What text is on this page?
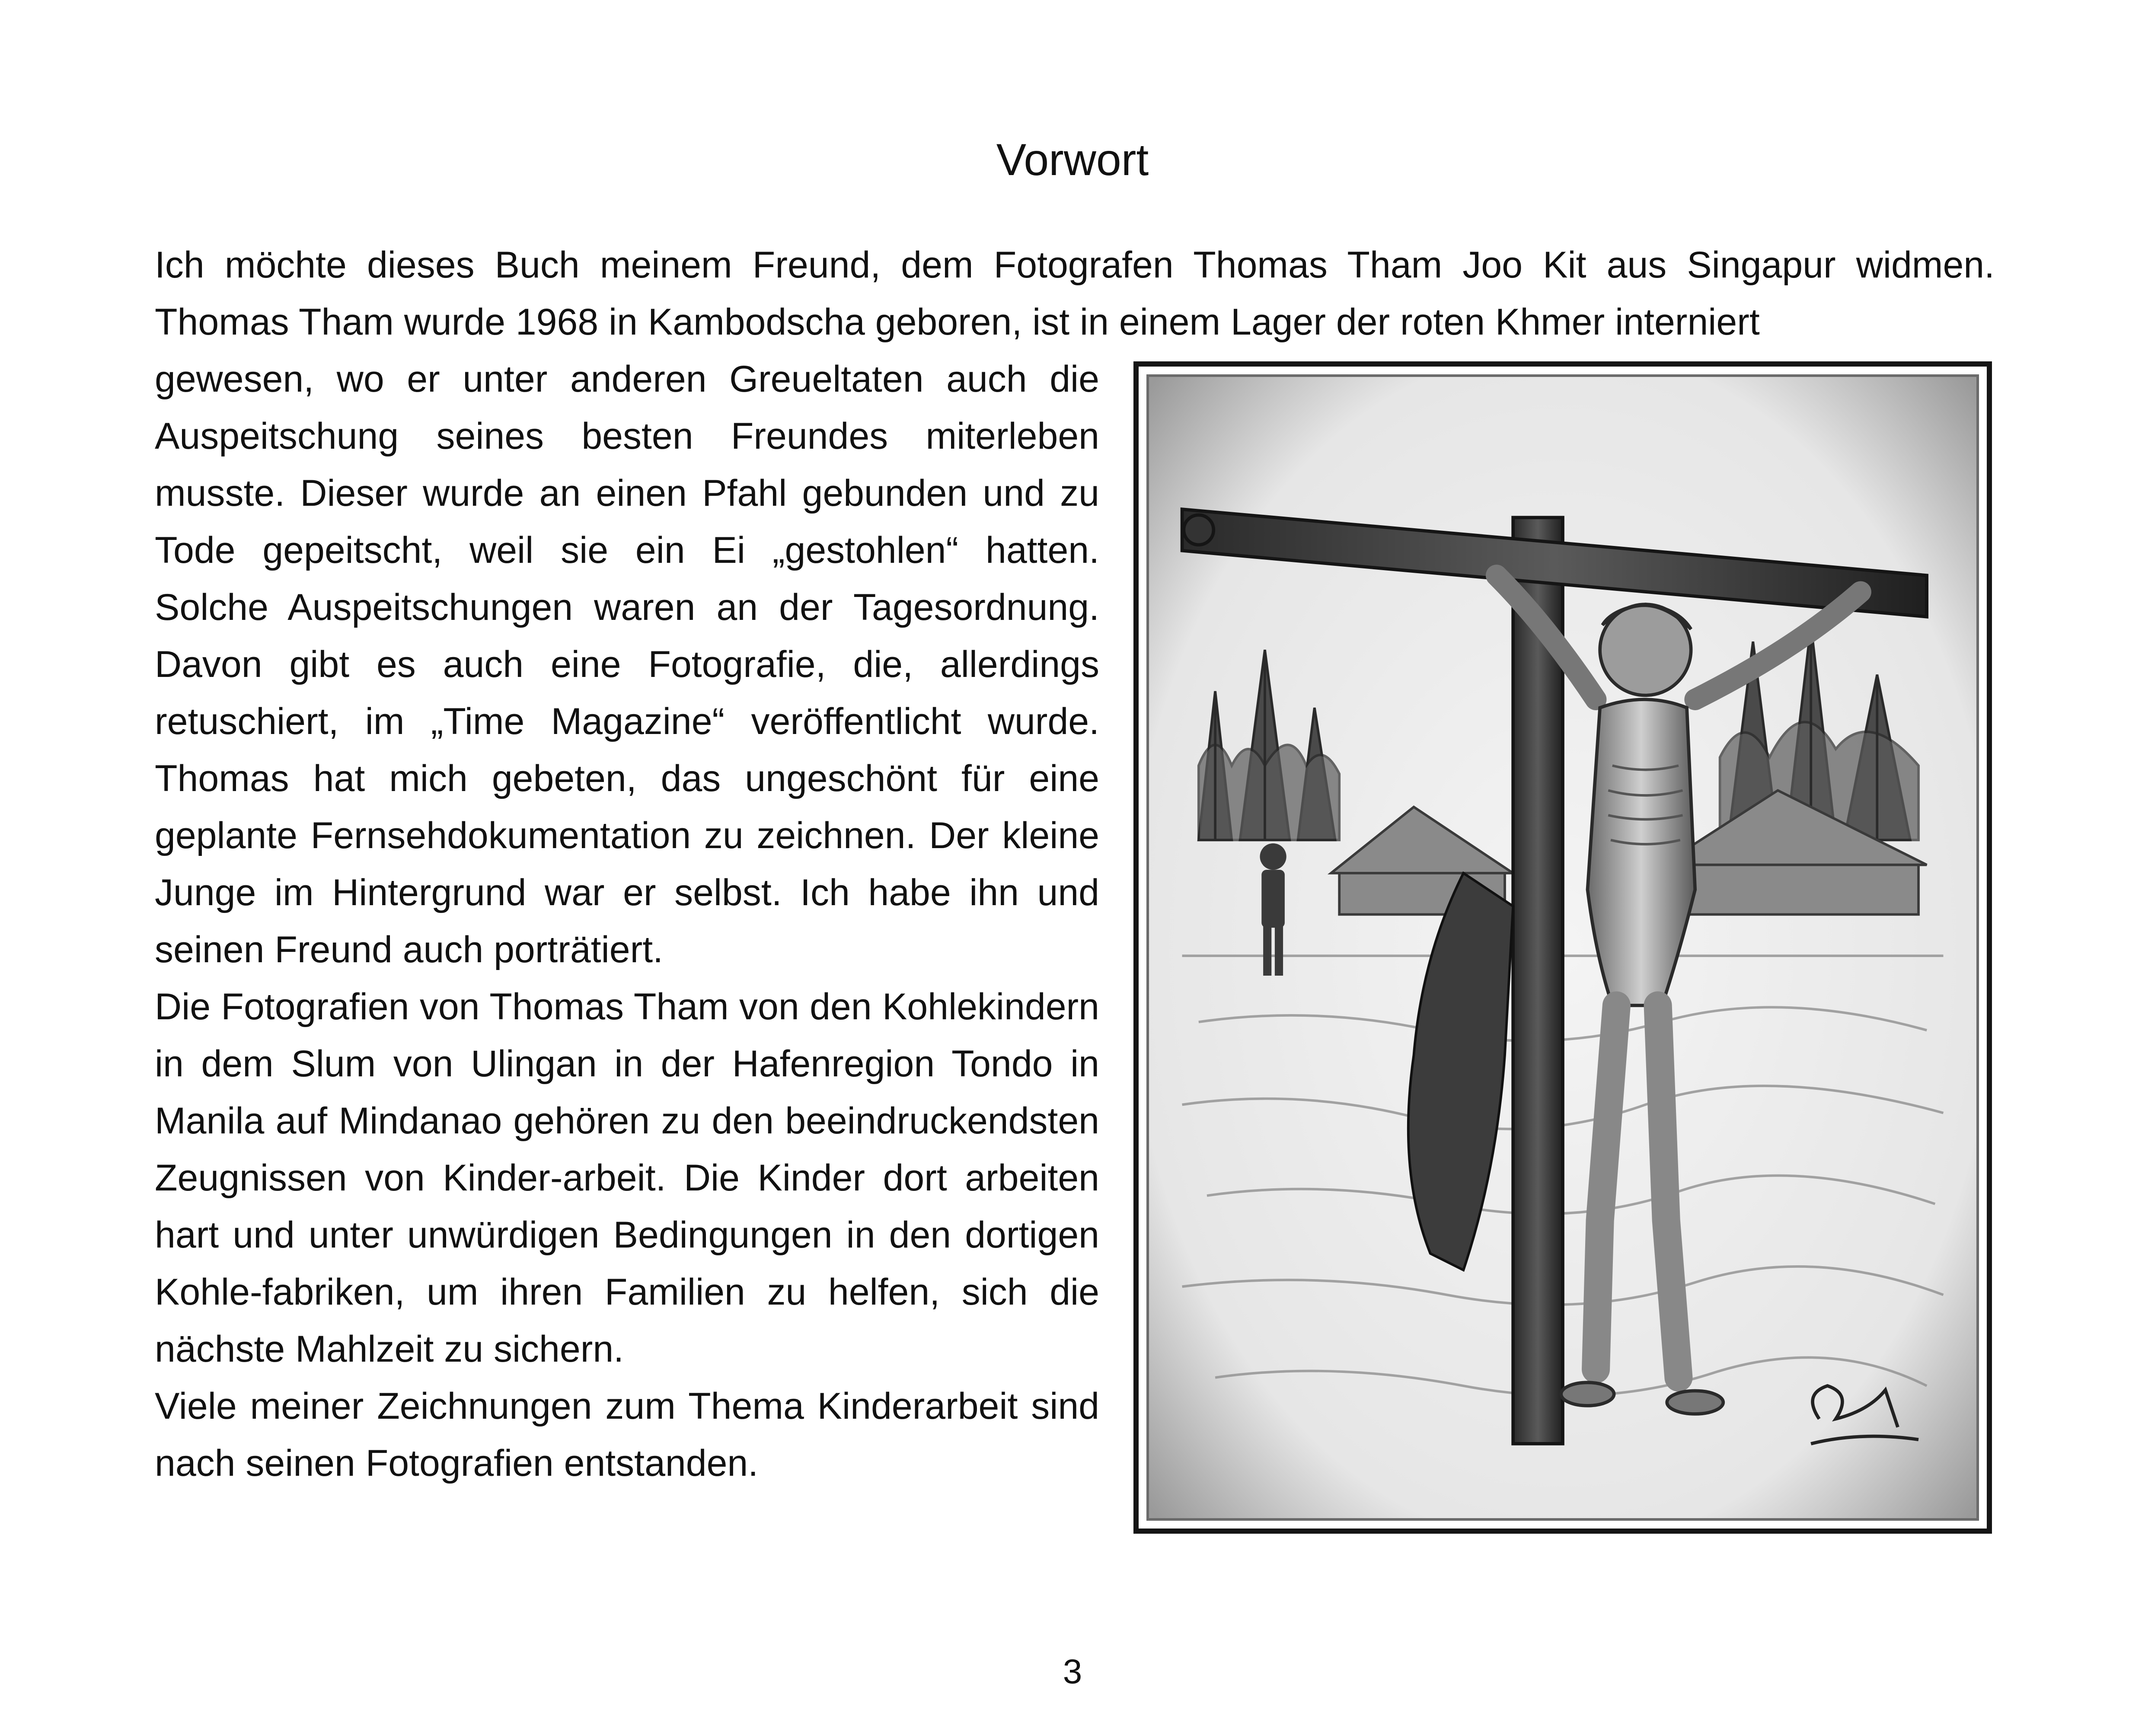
Vorwort

Ich möchte dieses Buch meinem Freund, dem Fotografen Thomas Tham Joo Kit aus Singapur widmen. Thomas Tham wurde 1968 in Kambodscha geboren, ist in einem Lager der roten Khmer interniert

gewesen, wo er unter anderen Greueltaten auch die Auspeitschung seines besten Freundes miterleben musste. Dieser wurde an einen Pfahl gebunden und zu Tode gepeitscht, weil sie ein Ei „gestohlen“ hatten. Solche Auspeitschungen waren an der Tagesordnung. Davon gibt es auch eine Fotografie, die, allerdings retuschiert, im „Time Magazine“ veröffentlicht wurde. Thomas hat mich gebeten, das ungeschönt für eine geplante Fernsehdokumentation zu zeichnen. Der kleine Junge im Hintergrund war er selbst. Ich habe ihn und seinen Freund auch porträtiert.

Die Fotografien von Thomas Tham von den Kohlekindern in dem Slum von Ulingan in der Hafenregion Tondo in Manila auf Mindanao gehören zu den beeindruckendsten Zeugnissen von Kinder-arbeit. Die Kinder dort arbeiten hart und unter unwürdigen Bedingungen in den dortigen Kohle-fabriken, um ihren Familien zu helfen, sich die nächste Mahlzeit zu sichern.

Viele meiner Zeichnungen zum Thema Kinderarbeit sind nach seinen Fotografien entstanden.

3
